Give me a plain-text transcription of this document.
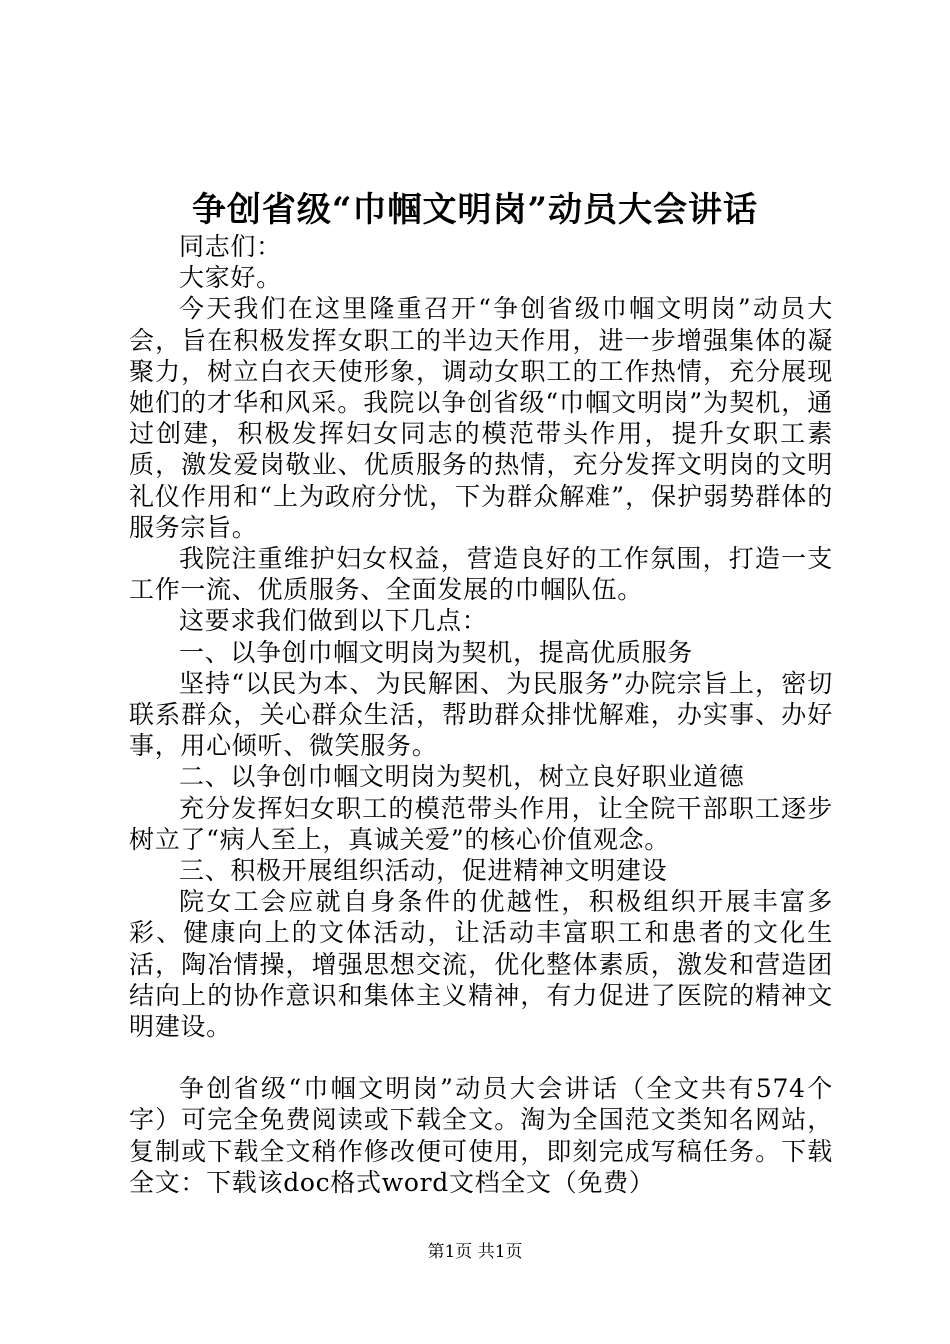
争创省级“巾帼文明岗”动员大会讲话

同志们：

大家好。

今天我们在这里隆重召开“争创省级巾帼文明岗”动员大会，旨在积极发挥女职工的半边天作用，进一步增强集体的凝聚力，树立白衣天使形象，调动女职工的工作热情，充分展现她们的才华和风采。我院以争创省级“巾帼文明岗”为契机，通过创建，积极发挥妇女同志的模范带头作用，提升女职工素质，激发爱岗敬业、优质服务的热情，充分发挥文明岗的文明礼仪作用和“上为政府分忧，下为群众解难”，保护弱势群体的服务宗旨。

我院注重维护妇女权益，营造良好的工作氛围，打造一支工作一流、优质服务、全面发展的巾帼队伍。

这要求我们做到以下几点：

一、以争创巾帼文明岗为契机，提高优质服务

坚持“以民为本、为民解困、为民服务”办院宗旨上，密切联系群众，关心群众生活，帮助群众排忧解难，办实事、办好事，用心倾听、微笑服务。

二、以争创巾帼文明岗为契机，树立良好职业道德

充分发挥妇女职工的模范带头作用，让全院干部职工逐步树立了“病人至上，真诚关爱”的核心价值观念。

三、积极开展组织活动，促进精神文明建设

院女工会应就自身条件的优越性，积极组织开展丰富多彩、健康向上的文体活动，让活动丰富职工和患者的文化生活，陶冶情操，增强思想交流，优化整体素质，激发和营造团结向上的协作意识和集体主义精神，有力促进了医院的精神文明建设。

争创省级“巾帼文明岗”动员大会讲话（全文共有574个字）可完全免费阅读或下载全文。淘为全国范文类知名网站，复制或下载全文稍作修改便可使用，即刻完成写稿任务。下载全文：下载该doc格式word文档全文（免费）

第1页 共1页
